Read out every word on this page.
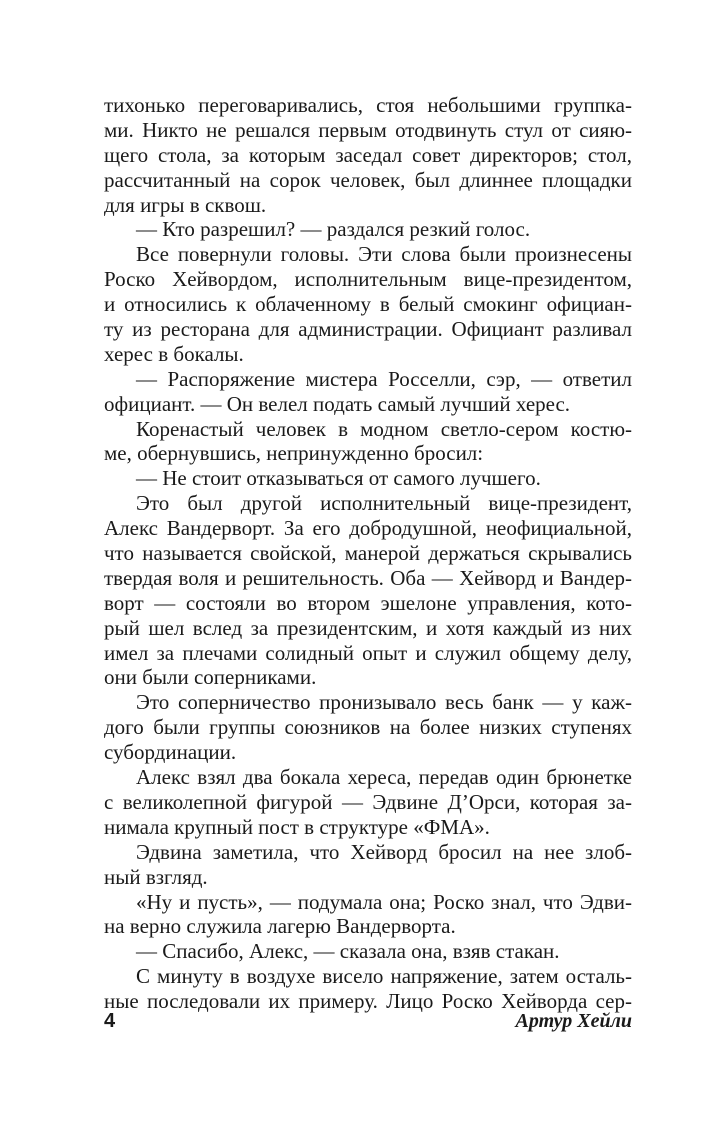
тихонько переговаривались, стоя небольшими группка-
ми. Никто не решался первым отодвинуть стул от сияю-
щего стола, за которым заседал совет директоров; стол,
рассчитанный на сорок человек, был длиннее площадки
для игры в сквош.
— Кто разрешил? — раздался резкий голос.
Все повернули головы. Эти слова были произнесены
Роско Хейвордом, исполнительным вице-президентом,
и относились к облаченному в белый смокинг официан-
ту из ресторана для администрации. Официант разливал
херес в бокалы.
— Распоряжение мистера Росселли, сэр, — ответил
официант. — Он велел подать самый лучший херес.
Коренастый человек в модном светло-сером костю-
ме, обернувшись, непринужденно бросил:
— Не стоит отказываться от самого лучшего.
Это был другой исполнительный вице-президент,
Алекс Вандерворт. За его добродушной, неофициальной,
что называется свойской, манерой держаться скрывались
твердая воля и решительность. Оба — Хейворд и Вандер-
ворт — состояли во втором эшелоне управления, кото-
рый шел вслед за президентским, и хотя каждый из них
имел за плечами солидный опыт и служил общему делу,
они были соперниками.
Это соперничество пронизывало весь банк — у каж-
дого были группы союзников на более низких ступенях
субординации.
Алекс взял два бокала хереса, передав один брюнетке
с великолепной фигурой — Эдвине Д’Орси, которая за-
нимала крупный пост в структуре «ФМА».
Эдвина заметила, что Хейворд бросил на нее злоб-
ный взгляд.
«Ну и пусть», — подумала она; Роско знал, что Эдви-
на верно служила лагерю Вандерворта.
— Спасибо, Алекс, — сказала она, взяв стакан.
С минуту в воздухе висело напряжение, затем осталь-
ные последовали их примеру. Лицо Роско Хейворда сер-
4	Артур Хейли
